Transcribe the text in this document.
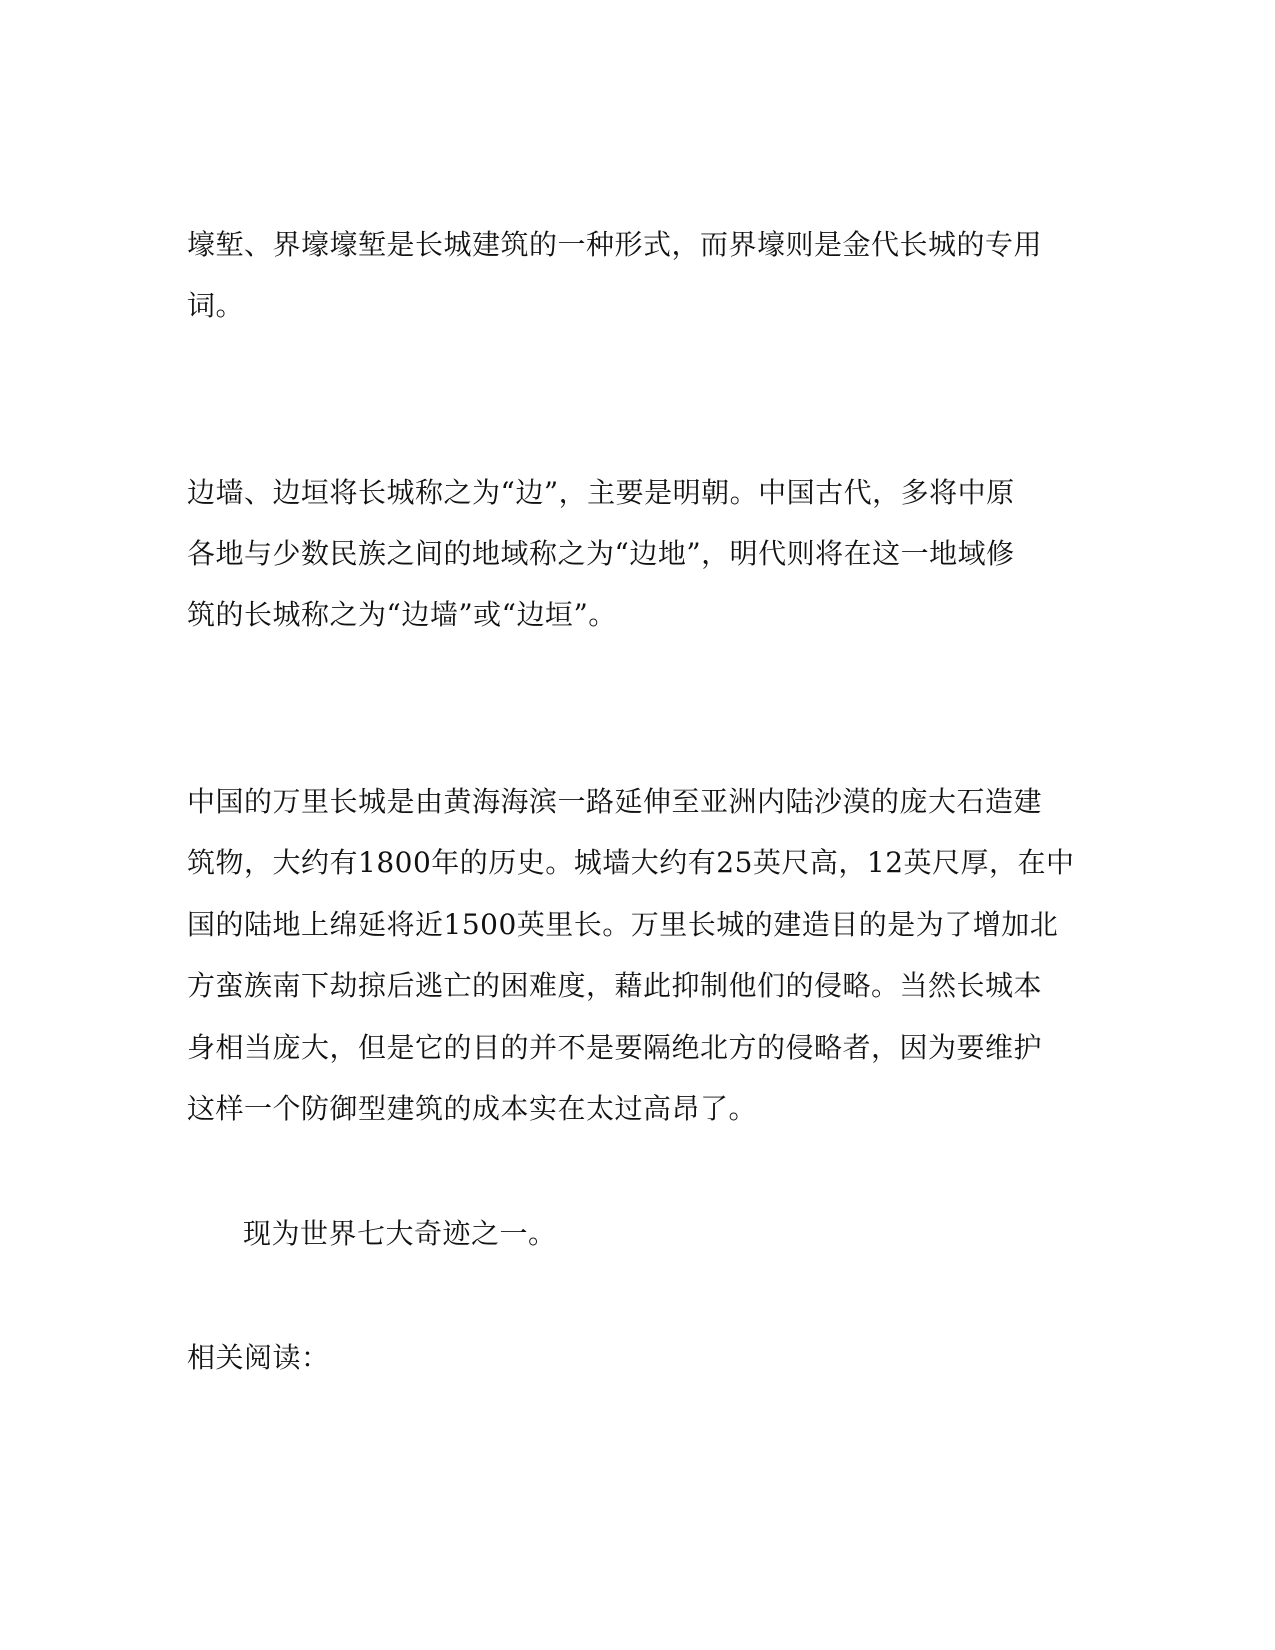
壕堑、界壕壕堑是长城建筑的一种形式，而界壕则是金代长城的专用
词。
边墙、边垣将长城称之为“边”，主要是明朝。中国古代，多将中原
各地与少数民族之间的地域称之为“边地”，明代则将在这一地域修
筑的长城称之为“边墙”或“边垣”。
中国的万里长城是由黄海海滨一路延伸至亚洲内陆沙漠的庞大石造建
筑物，大约有1800年的历史。城墙大约有25英尺高，12英尺厚，在中
国的陆地上绵延将近1500英里长。万里长城的建造目的是为了增加北
方蛮族南下劫掠后逃亡的困难度，藉此抑制他们的侵略。当然长城本
身相当庞大，但是它的目的并不是要隔绝北方的侵略者，因为要维护
这样一个防御型建筑的成本实在太过高昂了。
现为世界七大奇迹之一。
相关阅读：
